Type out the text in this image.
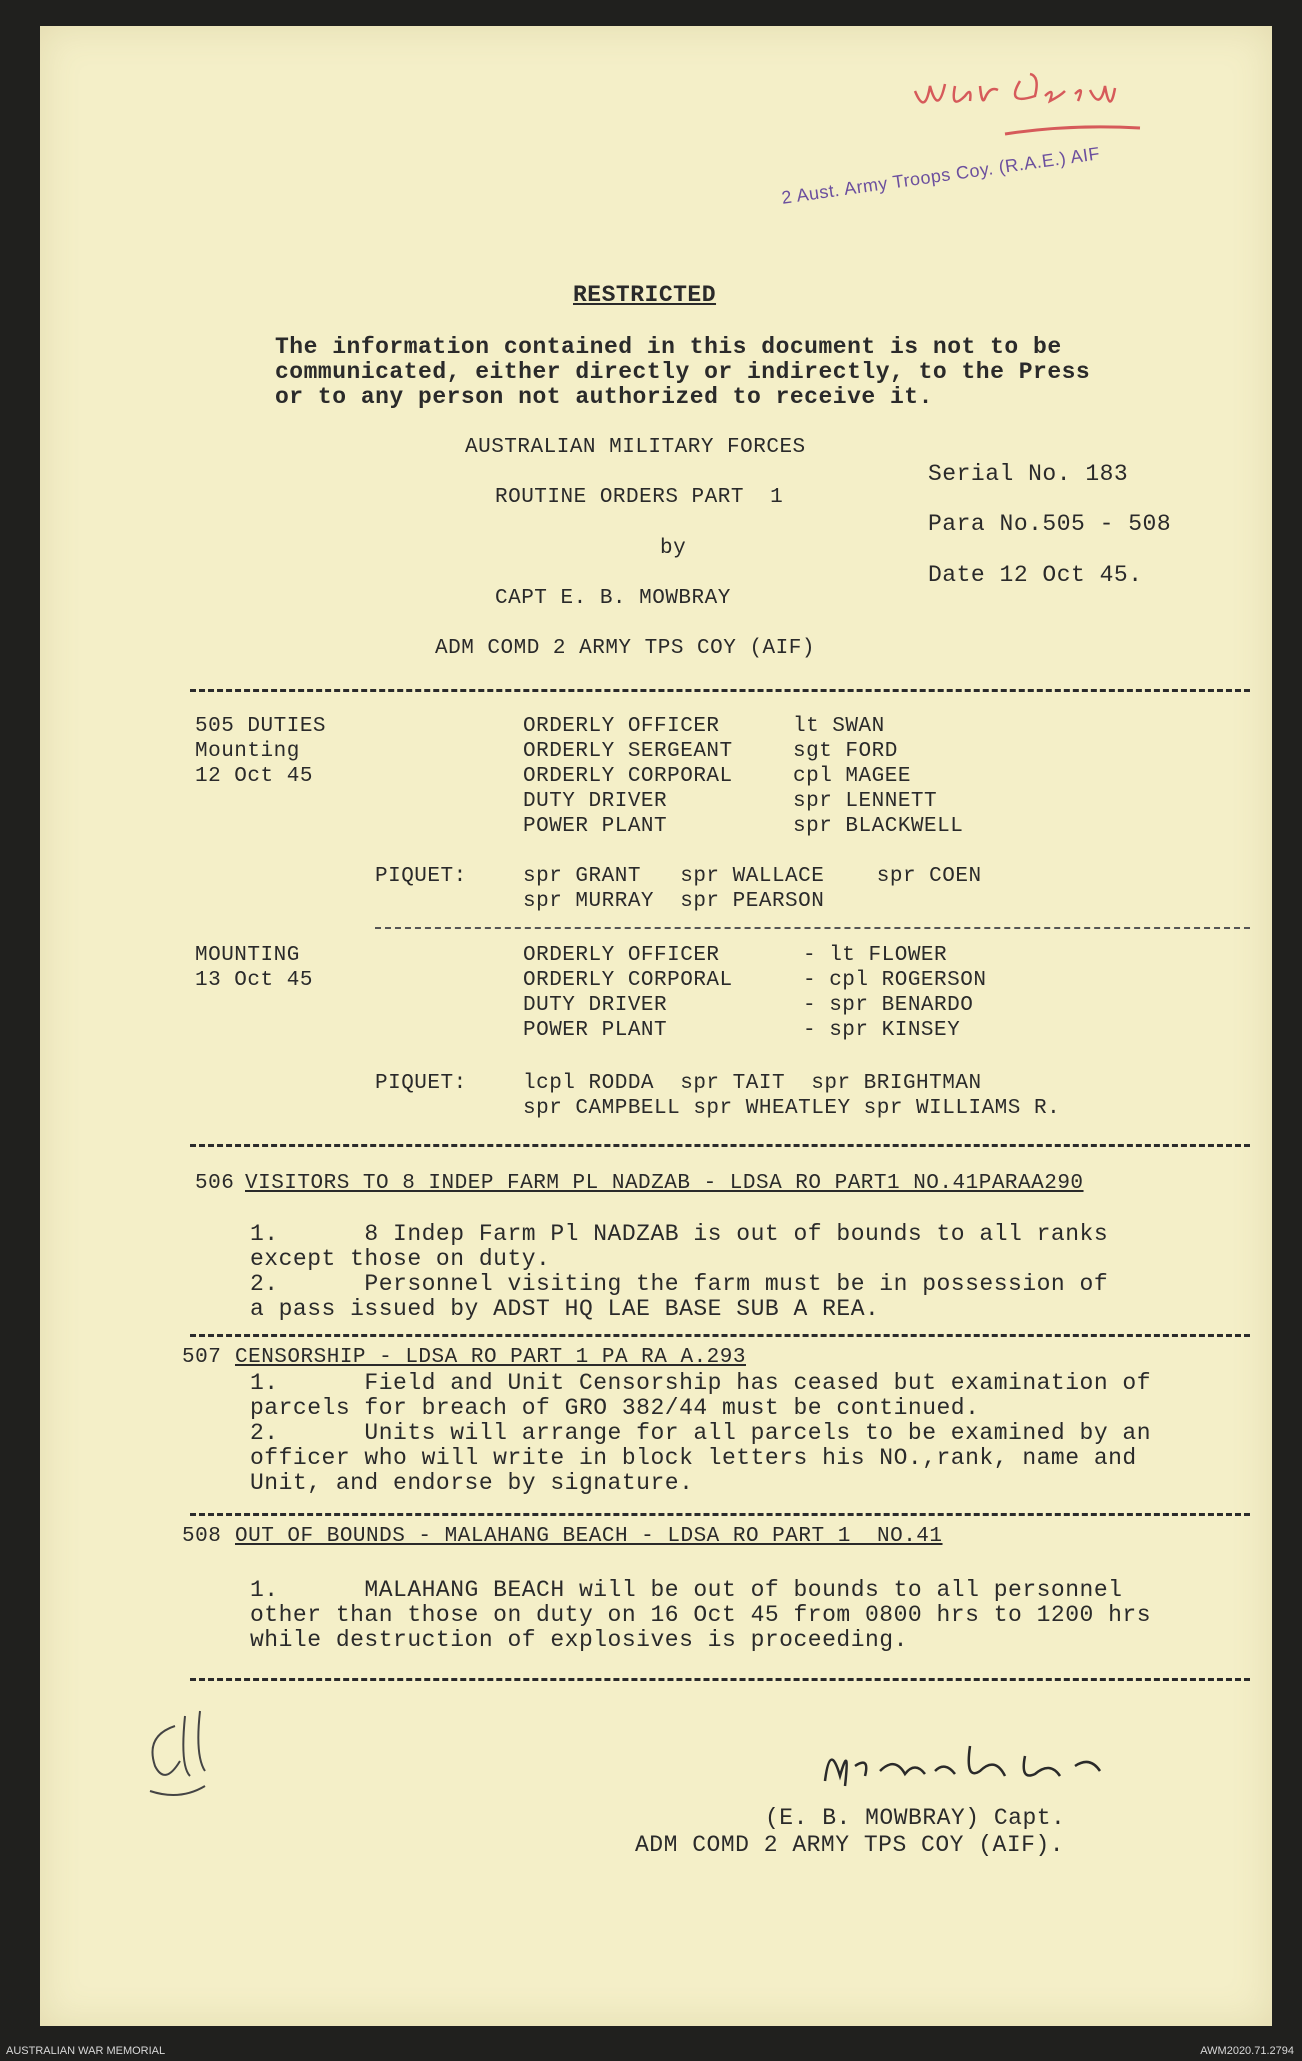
2 Aust. Army Troops Coy. (R.A.E.) AIF
RESTRICTED
The information contained in this document is not to be
communicated, either directly or indirectly, to the Press
or to any person not authorized to receive it.
AUSTRALIAN MILITARY FORCES
ROUTINE ORDERS PART  1
by
CAPT E. B. MOWBRAY
ADM COMD 2 ARMY TPS COY (AIF)
Serial No. 183
Para No.505 - 508
Date 12 Oct 45.
505 DUTIES
Mounting
12 Oct 45
ORDERLY OFFICER	lt SWAN
ORDERLY SERGEANT	sgt FORD
ORDERLY CORPORAL	cpl MAGEE
DUTY DRIVER	spr LENNETT
POWER PLANT	spr BLACKWELL
PIQUET:	spr GRANT   spr WALLACE    spr COEN
spr MURRAY  spr PEARSON
MOUNTING
13 Oct 45
ORDERLY OFFICER	- lt FLOWER
ORDERLY CORPORAL	- cpl ROGERSON
DUTY DRIVER	- spr BENARDO
POWER PLANT	- spr KINSEY
PIQUET:	lcpl RODDA  spr TAIT  spr BRIGHTMAN
spr CAMPBELL spr WHEATLEY spr WILLIAMS R.
506 VISITORS TO 8 INDEP FARM PL NADZAB - LDSA RO PART1 NO.41PARAA290
1.      8 Indep Farm Pl NADZAB is out of bounds to all ranks
except those on duty.
2.      Personnel visiting the farm must be in possession of
a pass issued by ADST HQ LAE BASE SUB A REA.
507 CENSORSHIP - LDSA RO PART 1 PA RA A.293
1.      Field and Unit Censorship has ceased but examination of
parcels for breach of GRO 382/44 must be continued.
2.      Units will arrange for all parcels to be examined by an
officer who will write in block letters his NO.,rank, name and
Unit, and endorse by signature.
508 OUT OF BOUNDS - MALAHANG BEACH - LDSA RO PART 1  NO.41
1.      MALAHANG BEACH will be out of bounds to all personnel
other than those on duty on 16 Oct 45 from 0800 hrs to 1200 hrs
while destruction of explosives is proceeding.
(E. B. MOWBRAY) Capt.
ADM COMD 2 ARMY TPS COY (AIF).
AUSTRALIAN WAR MEMORIAL	AWM2020.71.2794
